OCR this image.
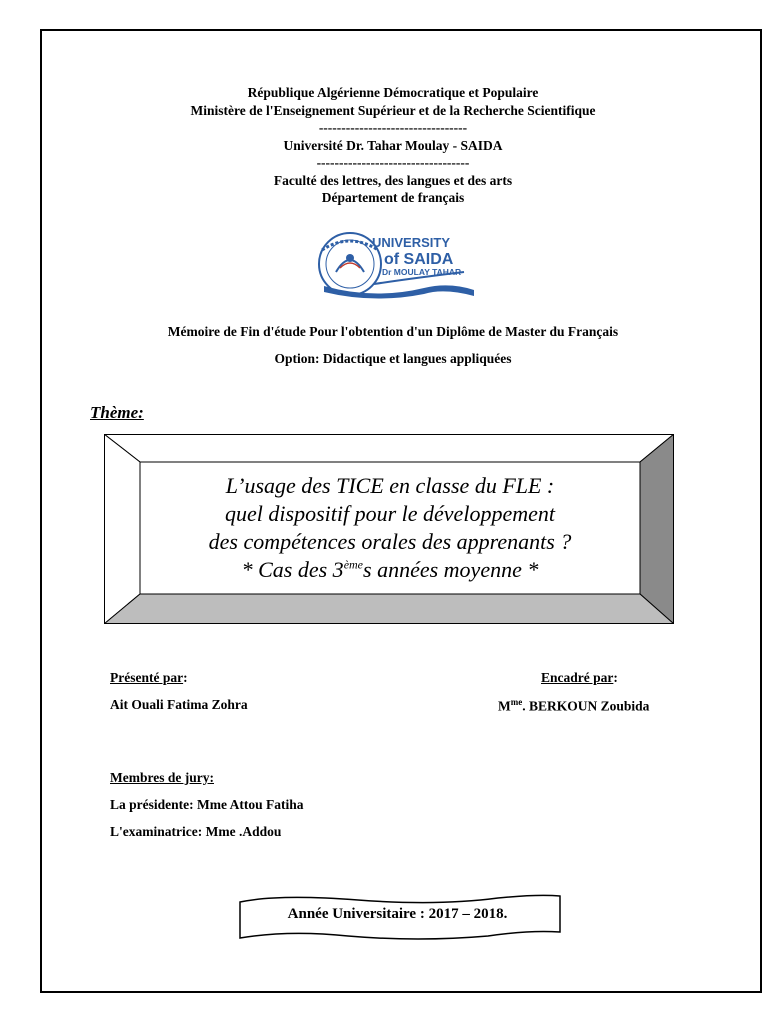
République Algérienne Démocratique et Populaire
Ministère de l'Enseignement Supérieur et de la Recherche Scientifique
---------------------------------
Université Dr. Tahar Moulay - SAIDA
----------------------------------
Faculté des lettres, des langues et des arts
Département de français
UNIVERSITY
of SAIDA
Dr MOULAY TAHAR
Mémoire de Fin d'étude Pour l'obtention d'un Diplôme de Master du Français
Option: Didactique et langues appliquées
Thème:
L’usage des TICE en classe du FLE :
quel dispositif pour le développement
des compétences orales des apprenants ?
* Cas des 3èmes années moyenne *
Présenté par:
Ait Ouali Fatima Zohra
Encadré par:
$M^{me}$. BERKOUN Zoubida
Membres de jury:
La présidente: Mme Attou Fatiha
L'examinatrice: Mme .Addou
Année Universitaire : 2017 – 2018.
